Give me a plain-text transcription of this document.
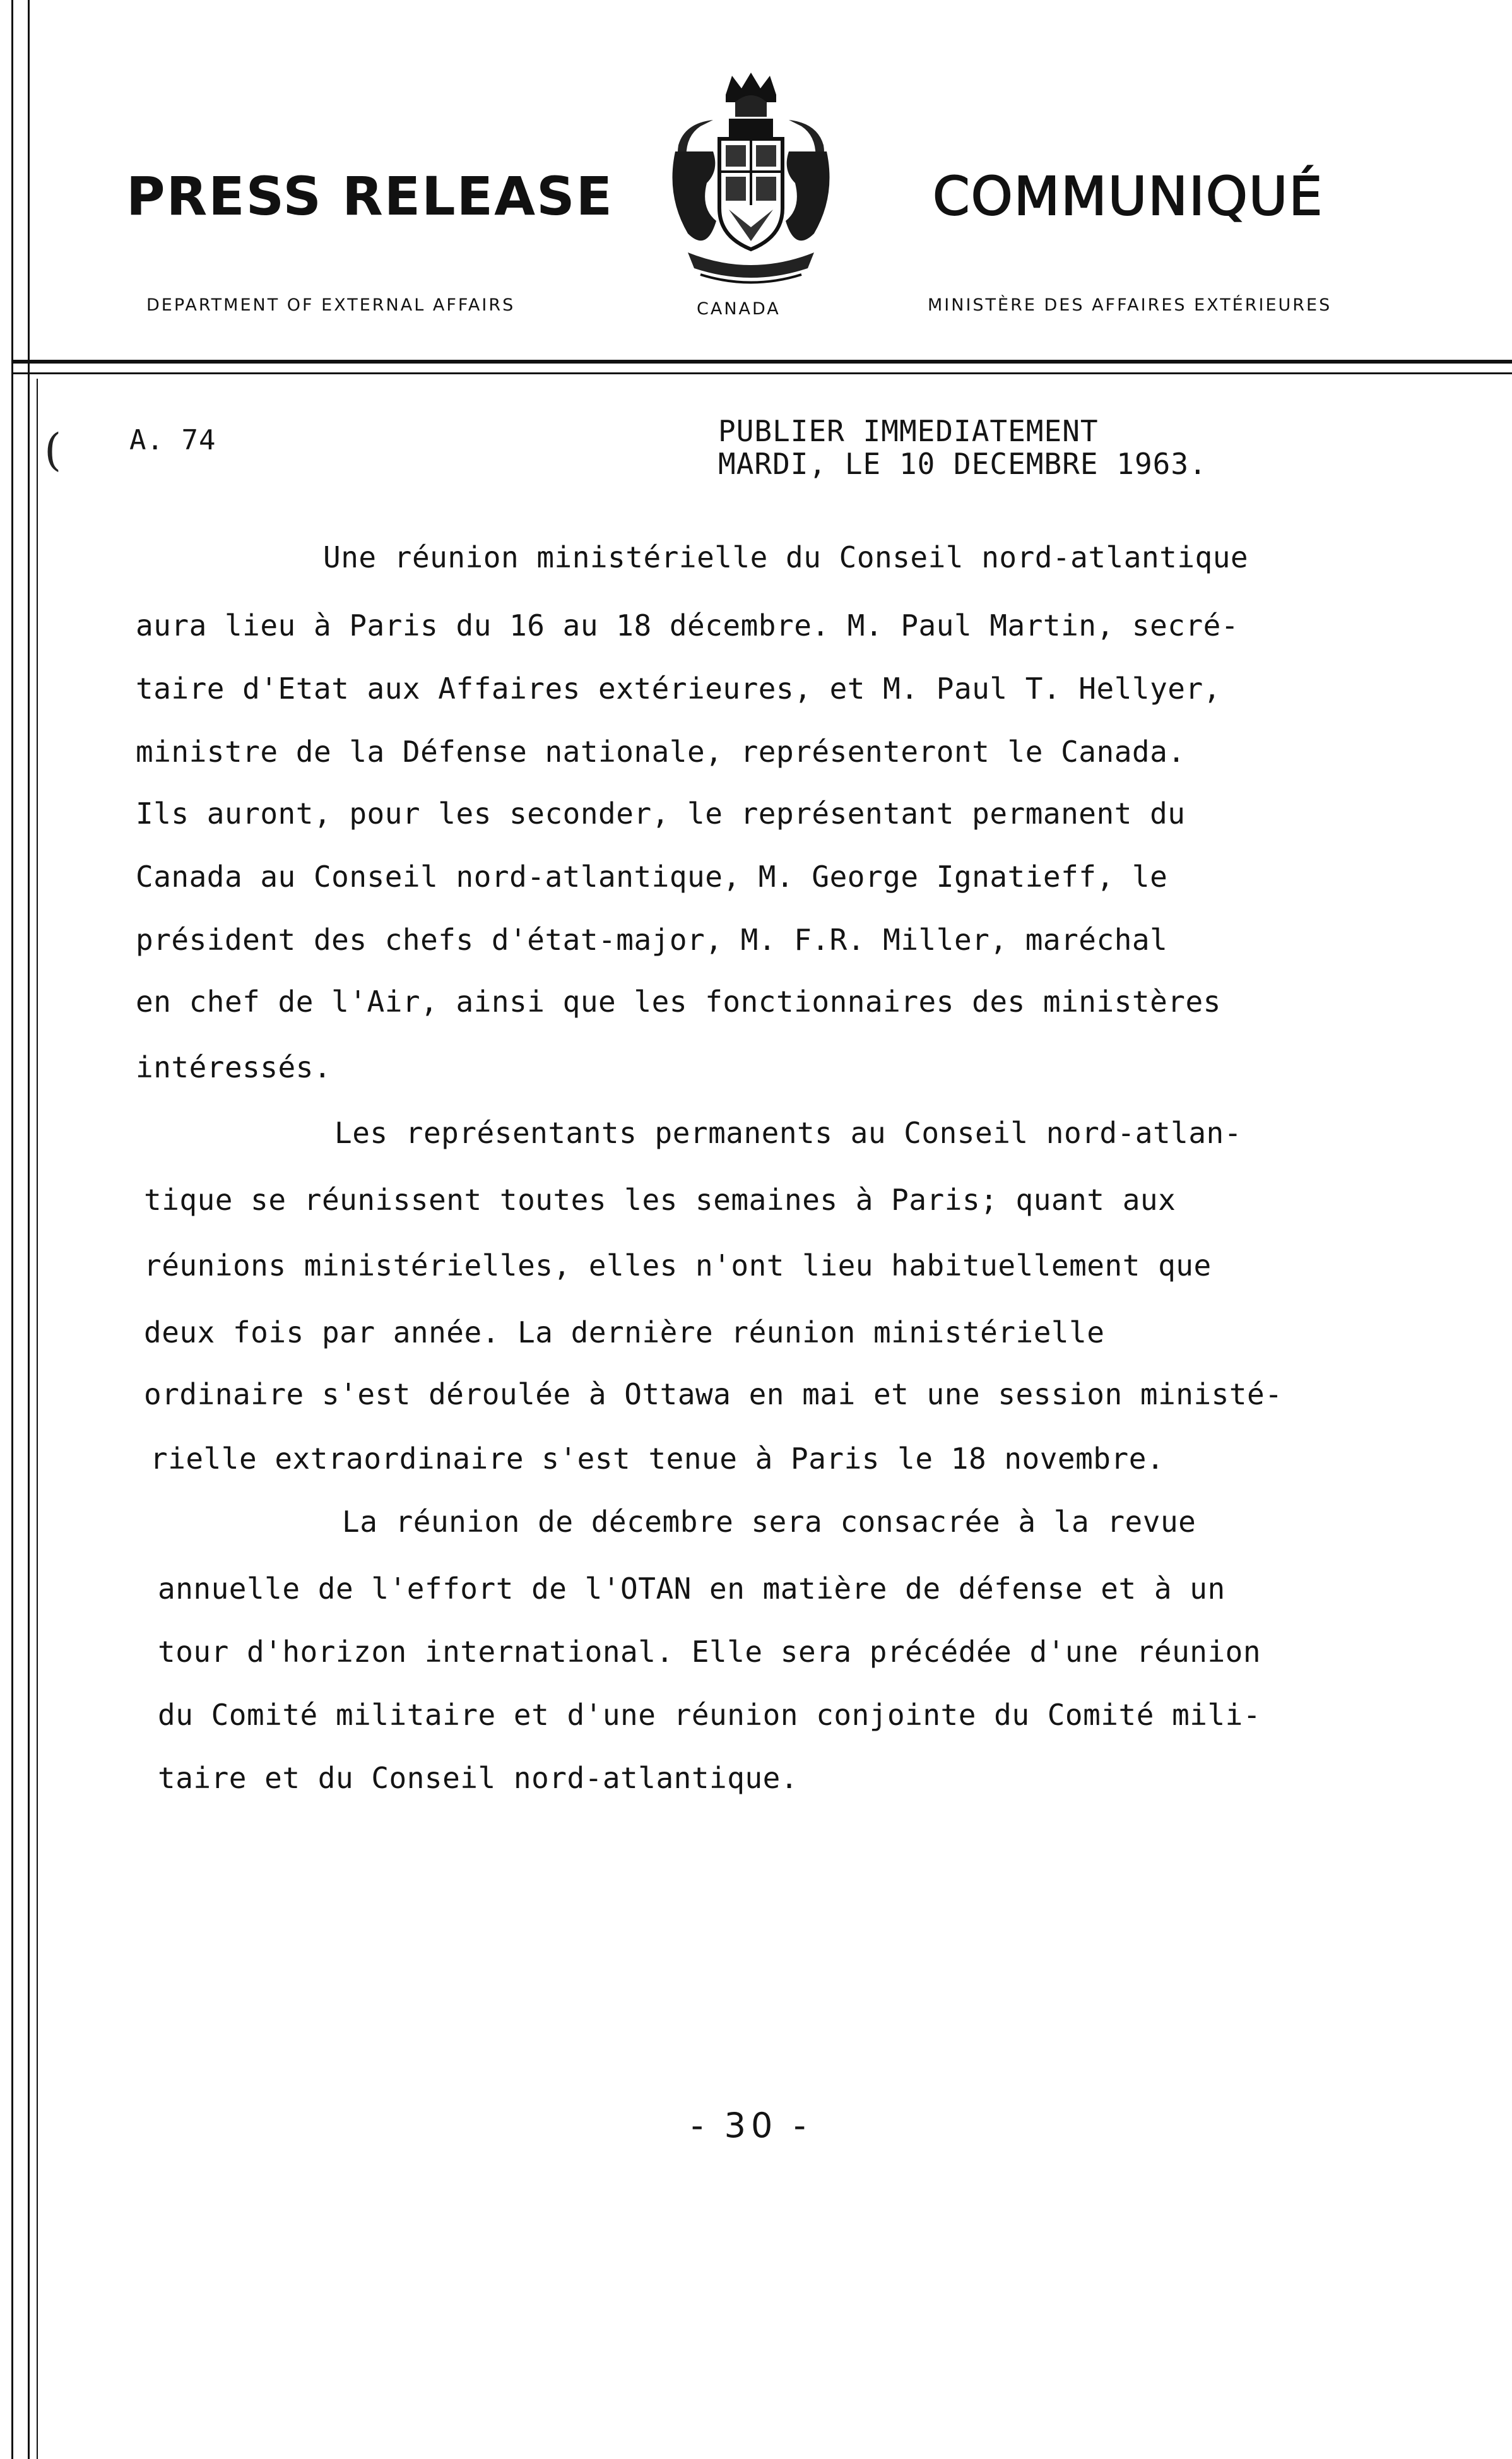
PRESS RELEASE
DEPARTMENT OF EXTERNAL AFFAIRS	CANADA
COMMUNIQUÉ
MINISTÈRE DES AFFAIRES EXTÉRIEURES
( A. 74	PUBLIER IMMEDIATEMENT
MARDI, LE 10 DECEMBRE 1963.
Une réunion ministérielle du Conseil nord-atlantique
aura lieu à Paris du 16 au 18 décembre. M. Paul Martin, secré-
taire d'Etat aux Affaires extérieures, et M. Paul T. Hellyer,
ministre de la Défense nationale, représenteront le Canada.
Ils auront, pour les seconder, le représentant permanent du
Canada au Conseil nord-atlantique, M. George Ignatieff, le
président des chefs d'état-major, M. F.R. Miller, maréchal
en chef de l'Air, ainsi que les fonctionnaires des ministères
intéressés.
Les représentants permanents au Conseil nord-atlan-
tique se réunissent toutes les semaines à Paris; quant aux
réunions ministérielles, elles n'ont lieu habituellement que
deux fois par année. La dernière réunion ministérielle
ordinaire s'est déroulée à Ottawa en mai et une session ministé-
rielle extraordinaire s'est tenue à Paris le 18 novembre.
La réunion de décembre sera consacrée à la revue
annuelle de l'effort de l'OTAN en matière de défense et à un
tour d'horizon international. Elle sera précédée d'une réunion
du Comité militaire et d'une réunion conjointe du Comité mili-
taire et du Conseil nord-atlantique.
- 30 -
